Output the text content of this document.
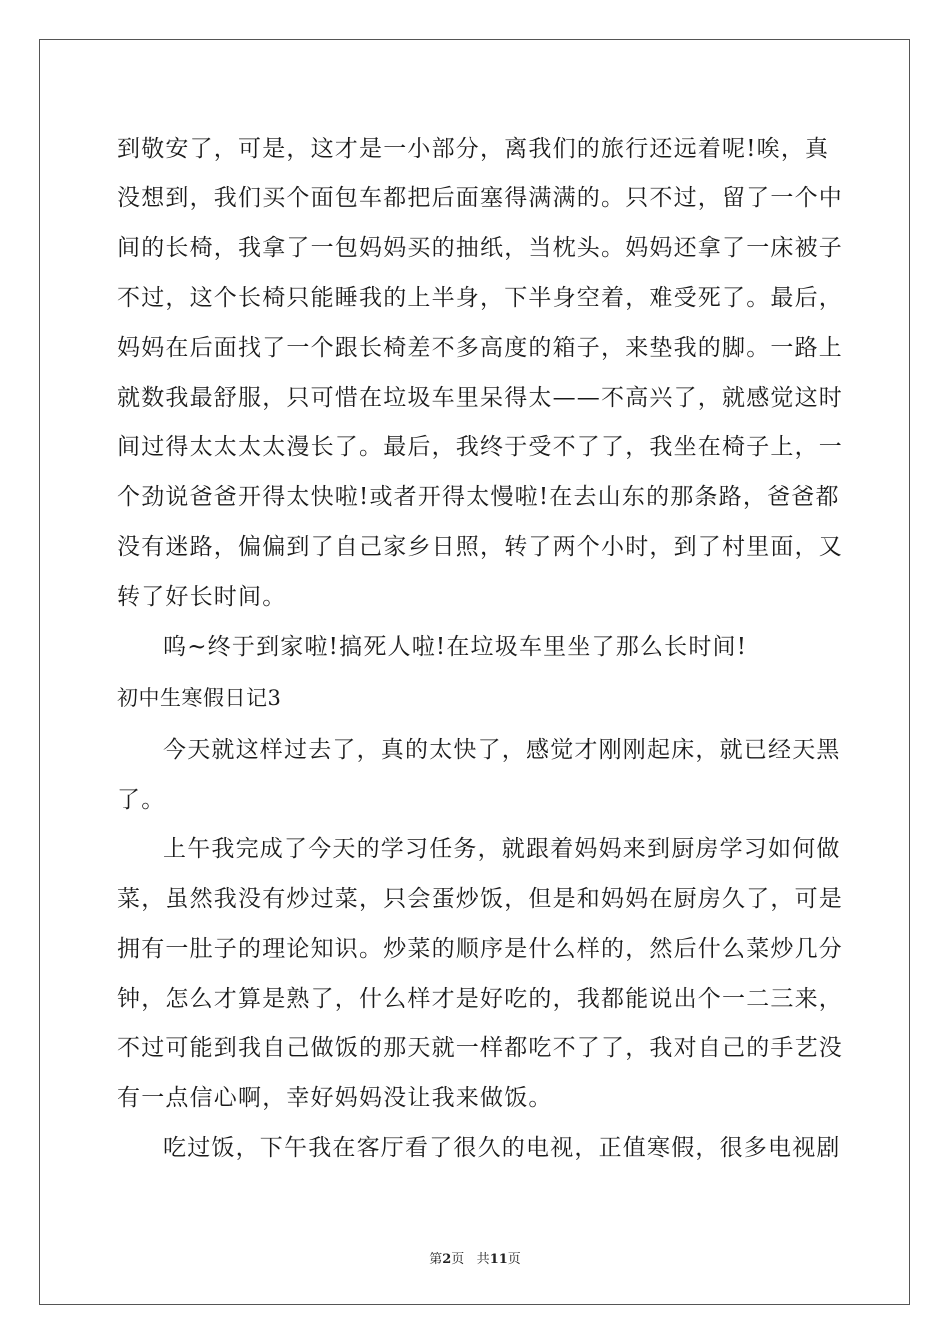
到敬安了，可是，这才是一小部分，离我们的旅行还远着呢!唉，真
没想到，我们买个面包车都把后面塞得满满的。只不过，留了一个中
间的长椅，我拿了一包妈妈买的抽纸，当枕头。妈妈还拿了一床被子
不过，这个长椅只能睡我的上半身，下半身空着，难受死了。最后，
妈妈在后面找了一个跟长椅差不多高度的箱子，来垫我的脚。一路上
就数我最舒服，只可惜在垃圾车里呆得太——不高兴了，就感觉这时
间过得太太太太漫长了。最后，我终于受不了了，我坐在椅子上，一
个劲说爸爸开得太快啦!或者开得太慢啦!在去山东的那条路，爸爸都
没有迷路，偏偏到了自己家乡日照，转了两个小时，到了村里面，又
转了好长时间。
呜~终于到家啦!搞死人啦!在垃圾车里坐了那么长时间!
初中生寒假日记3
今天就这样过去了，真的太快了，感觉才刚刚起床，就已经天黑
了。
上午我完成了今天的学习任务，就跟着妈妈来到厨房学习如何做
菜，虽然我没有炒过菜，只会蛋炒饭，但是和妈妈在厨房久了，可是
拥有一肚子的理论知识。炒菜的顺序是什么样的，然后什么菜炒几分
钟，怎么才算是熟了，什么样才是好吃的，我都能说出个一二三来，
不过可能到我自己做饭的那天就一样都吃不了了，我对自己的手艺没
有一点信心啊，幸好妈妈没让我来做饭。
吃过饭，下午我在客厅看了很久的电视，正值寒假，很多电视剧
第2页 共11页
